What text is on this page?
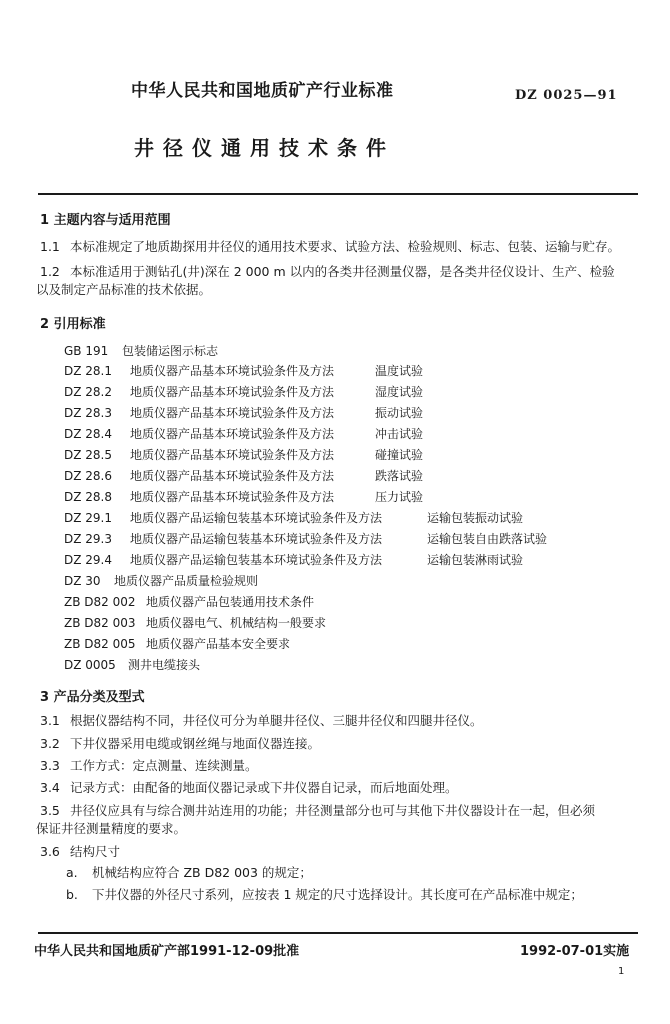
中华人民共和国地质矿产行业标准	DZ 0025—91
井径仪通用技术条件
1 主题内容与适用范围
1.1 本标准规定了地质勘探用井径仪的通用技术要求、试验方法、检验规则、标志、包装、运输与贮存。
1.2 本标准适用于测钻孔(井)深在 2 000 m 以内的各类井径测量仪器，是各类井径仪设计、生产、检验
以及制定产品标准的技术依据。
2 引用标准
GB 191 包装储运图示标志
DZ 28.1 地质仪器产品基本环境试验条件及方法	温度试验
DZ 28.2 地质仪器产品基本环境试验条件及方法	湿度试验
DZ 28.3 地质仪器产品基本环境试验条件及方法	振动试验
DZ 28.4 地质仪器产品基本环境试验条件及方法	冲击试验
DZ 28.5 地质仪器产品基本环境试验条件及方法	碰撞试验
DZ 28.6 地质仪器产品基本环境试验条件及方法	跌落试验
DZ 28.8 地质仪器产品基本环境试验条件及方法	压力试验
DZ 29.1 地质仪器产品运输包装基本环境试验条件及方法	运输包装振动试验
DZ 29.3 地质仪器产品运输包装基本环境试验条件及方法	运输包装自由跌落试验
DZ 29.4 地质仪器产品运输包装基本环境试验条件及方法	运输包装淋雨试验
DZ 30 地质仪器产品质量检验规则
ZB D82 002 地质仪器产品包装通用技术条件
ZB D82 003 地质仪器电气、机械结构一般要求
ZB D82 005 地质仪器产品基本安全要求
DZ 0005 测井电缆接头
3 产品分类及型式
3.1 根据仪器结构不同，井径仪可分为单腿井径仪、三腿井径仪和四腿井径仪。
3.2 下井仪器采用电缆或钢丝绳与地面仪器连接。
3.3 工作方式：定点测量、连续测量。
3.4 记录方式：由配备的地面仪器记录或下井仪器自记录，而后地面处理。
3.5 井径仪应具有与综合测井站连用的功能；井径测量部分也可与其他下井仪器设计在一起，但必须
保证井径测量精度的要求。
3.6 结构尺寸
a. 机械结构应符合 ZB D82 003 的规定；
b. 下井仪器的外径尺寸系列，应按表 1 规定的尺寸选择设计。其长度可在产品标准中规定；
中华人民共和国地质矿产部1991-12-09批准	1992-07-01实施
1
